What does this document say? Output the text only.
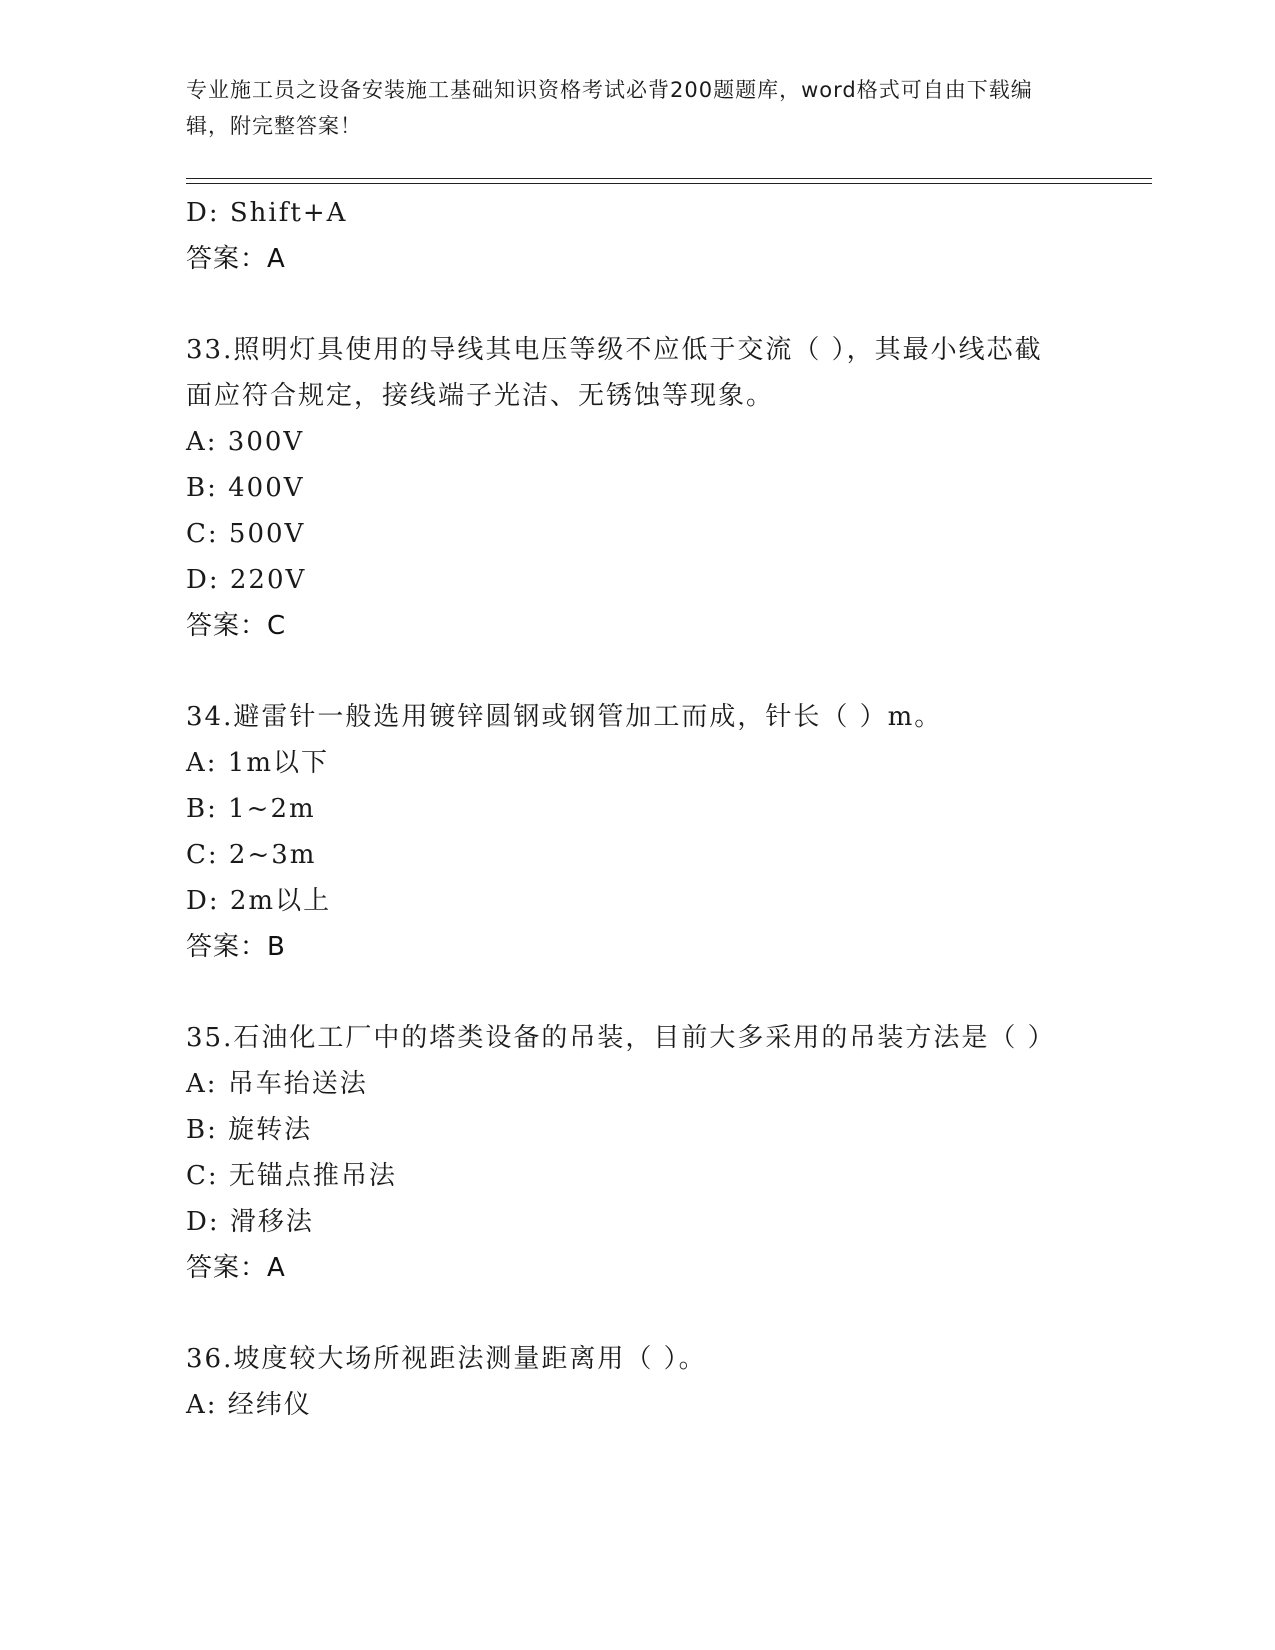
专业施工员之设备安装施工基础知识资格考试必背200题题库，word格式可自由下载编辑，附完整答案！
D: Shift+A
答案：A
33.照明灯具使用的导线其电压等级不应低于交流（ ），其最小线芯截面应符合规定，接线端子光洁、无锈蚀等现象。
A: 300V
B: 400V
C: 500V
D: 220V
答案：C
34.避雷针一般选用镀锌圆钢或钢管加工而成，针长（ ）m。
A: 1m以下
B: 1~2m
C: 2~3m
D: 2m以上
答案：B
35.石油化工厂中的塔类设备的吊装，目前大多采用的吊装方法是（ ）
A: 吊车抬送法
B: 旋转法
C: 无锚点推吊法
D: 滑移法
答案：A
36.坡度较大场所视距法测量距离用（ ）。
A: 经纬仪
